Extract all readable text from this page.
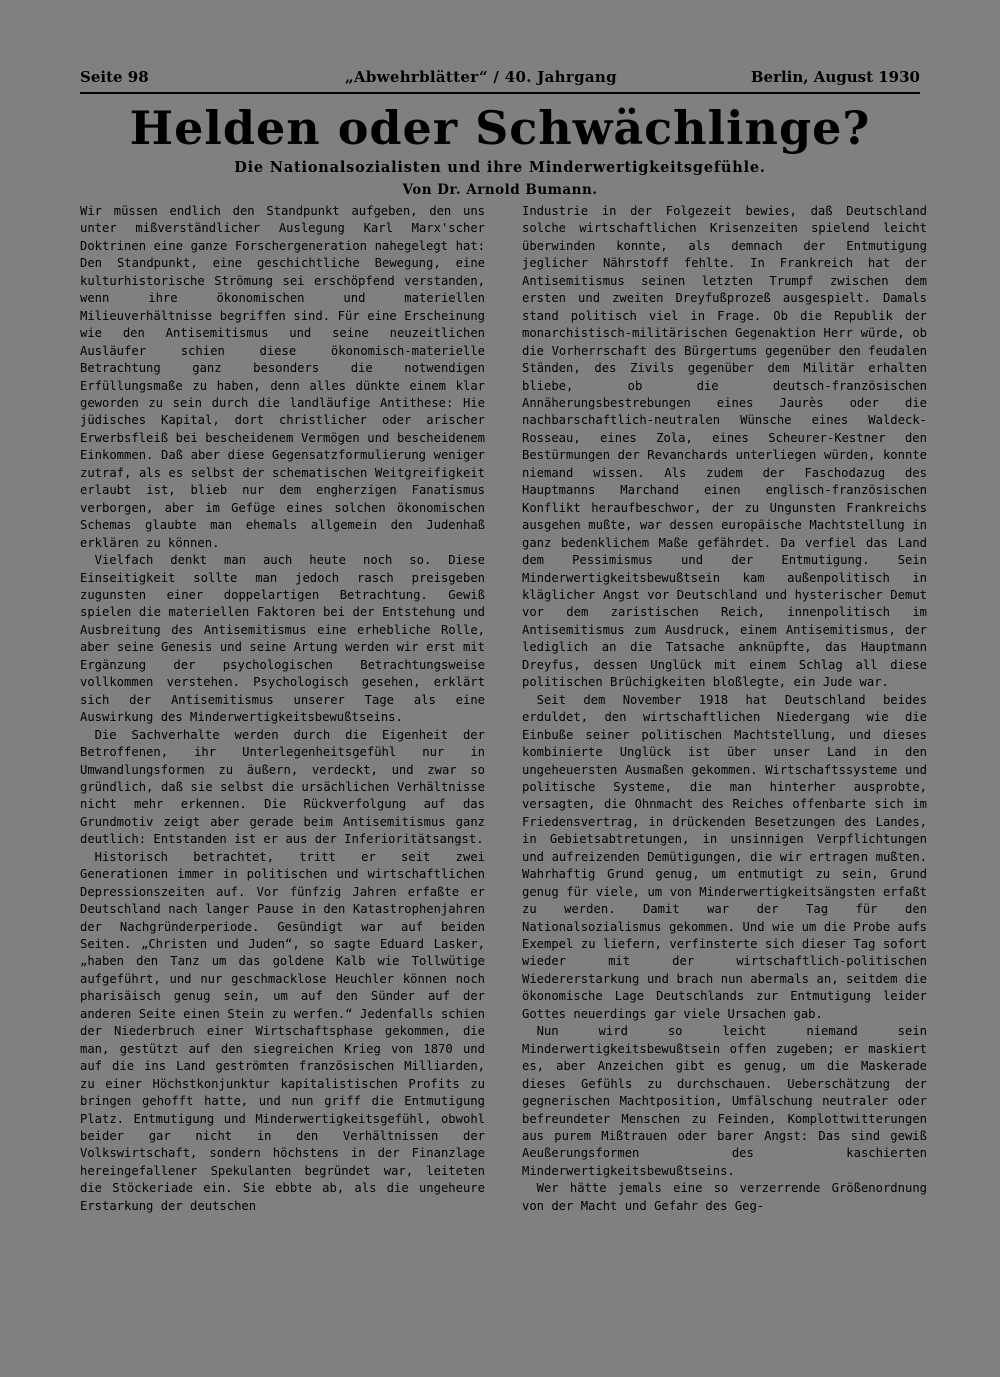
Seite 98	„Abwehrblätter“ / 40. Jahrgang	Berlin, August 1930
Helden oder Schwächlinge?
Die Nationalsozialisten und ihre Minderwertigkeitsgefühle.
Von Dr. Arnold Bumann.

Wir müssen endlich den Standpunkt aufgeben, den uns unter mißverständlicher Auslegung Karl Marx'scher Doktrinen eine ganze Forschergeneration nahegelegt hat: Den Standpunkt, eine geschichtliche Bewegung, eine kulturhistorische Strömung sei erschöpfend verstanden, wenn ihre ökonomischen und materiellen Milieuverhältnisse begriffen sind. Für eine Erscheinung wie den Antisemitismus und seine neuzeitlichen Ausläufer schien diese ökonomisch-materielle Betrachtung ganz besonders die notwendigen Erfüllungsmaße zu haben, denn alles dünkte einem klar geworden zu sein durch die landläufige Antithese: Hie jüdisches Kapital, dort christlicher oder arischer Erwerbsfleiß bei bescheidenem Vermögen und bescheidenem Einkommen. Daß aber diese Gegensatzformulierung weniger zutraf, als es selbst der schematischen Weitgreifigkeit erlaubt ist, blieb nur dem engherzigen Fanatismus verborgen, aber im Gefüge eines solchen ökonomischen Schemas glaubte man ehemals allgemein den Judenhaß erklären zu können.

Vielfach denkt man auch heute noch so. Diese Einseitigkeit sollte man jedoch rasch preisgeben zugunsten einer doppelartigen Betrachtung. Gewiß spielen die materiellen Faktoren bei der Entstehung und Ausbreitung des Antisemitismus eine erhebliche Rolle, aber seine Genesis und seine Artung werden wir erst mit Ergänzung der psychologischen Betrachtungsweise vollkommen verstehen. Psychologisch gesehen, erklärt sich der Antisemitismus unserer Tage als eine Auswirkung des Minderwertigkeitsbewußtseins.

Die Sachverhalte werden durch die Eigenheit der Betroffenen, ihr Unterlegenheitsgefühl nur in Umwandlungsformen zu äußern, verdeckt, und zwar so gründlich, daß sie selbst die ursächlichen Verhältnisse nicht mehr erkennen. Die Rückverfolgung auf das Grundmotiv zeigt aber gerade beim Antisemitismus ganz deutlich: Entstanden ist er aus der Inferioritätsangst.

Historisch betrachtet, tritt er seit zwei Generationen immer in politischen und wirtschaftlichen Depressionszeiten auf. Vor fünfzig Jahren erfaßte er Deutschland nach langer Pause in den Katastrophenjahren der Nachgründerperiode. Gesündigt war auf beiden Seiten. „Christen und Juden“, so sagte Eduard Lasker, „haben den Tanz um das goldene Kalb wie Tollwütige aufgeführt, und nur geschmacklose Heuchler können noch pharisäisch genug sein, um auf den Sünder auf der anderen Seite einen Stein zu werfen.“ Jedenfalls schien der Niederbruch einer Wirtschaftsphase gekommen, die man, gestützt auf den siegreichen Krieg von 1870 und auf die ins Land geströmten französischen Milliarden, zu einer Höchstkonjunktur kapitalistischen Profits zu bringen gehofft hatte, und nun griff die Entmutigung Platz. Entmutigung und Minderwertigkeitsgefühl, obwohl beider gar nicht in den Verhältnissen der Volkswirtschaft, sondern höchstens in der Finanzlage hereingefallener Spekulanten begründet war, leiteten die Stöckeriade ein. Sie ebbte ab, als die ungeheure Erstarkung der deutschen

Industrie in der Folgezeit bewies, daß Deutschland solche wirtschaftlichen Krisenzeiten spielend leicht überwinden konnte, als demnach der Entmutigung jeglicher Nährstoff fehlte. In Frankreich hat der Antisemitismus seinen letzten Trumpf zwischen dem ersten und zweiten Dreyfußprozeß ausgespielt. Damals stand politisch viel in Frage. Ob die Republik der monarchistisch-militärischen Gegenaktion Herr würde, ob die Vorherrschaft des Bürgertums gegenüber den feudalen Ständen, des Zivils gegenüber dem Militär erhalten bliebe, ob die deutsch-französischen Annäherungsbestrebungen eines Jaurès oder die nachbarschaftlich-neutralen Wünsche eines Waldeck-Rosseau, eines Zola, eines Scheurer-Kestner den Bestürmungen der Revanchards unterliegen würden, konnte niemand wissen. Als zudem der Faschodazug des Hauptmanns Marchand einen englisch-französischen Konflikt heraufbeschwor, der zu Ungunsten Frankreichs ausgehen mußte, war dessen europäische Machtstellung in ganz bedenklichem Maße gefährdet. Da verfiel das Land dem Pessimismus und der Entmutigung. Sein Minderwertigkeitsbewußtsein kam außenpolitisch in kläglicher Angst vor Deutschland und hysterischer Demut vor dem zaristischen Reich, innenpolitisch im Antisemitismus zum Ausdruck, einem Antisemitismus, der lediglich an die Tatsache anknüpfte, das Hauptmann Dreyfus, dessen Unglück mit einem Schlag all diese politischen Brüchigkeiten bloßlegte, ein Jude war.

Seit dem November 1918 hat Deutschland beides erduldet, den wirtschaftlichen Niedergang wie die Einbuße seiner politischen Machtstellung, und dieses kombinierte Unglück ist über unser Land in den ungeheuersten Ausmaßen gekommen. Wirtschaftssysteme und politische Systeme, die man hinterher ausprobte, versagten, die Ohnmacht des Reiches offenbarte sich im Friedensvertrag, in drückenden Besetzungen des Landes, in Gebietsabtretungen, in unsinnigen Verpflichtungen und aufreizenden Demütigungen, die wir ertragen mußten. Wahrhaftig Grund genug, um entmutigt zu sein, Grund genug für viele, um von Minderwertigkeitsängsten erfaßt zu werden. Damit war der Tag für den Nationalsozialismus gekommen. Und wie um die Probe aufs Exempel zu liefern, verfinsterte sich dieser Tag sofort wieder mit der wirtschaftlich-politischen Wiedererstarkung und brach nun abermals an, seitdem die ökonomische Lage Deutschlands zur Entmutigung leider Gottes neuerdings gar viele Ursachen gab.

Nun wird so leicht niemand sein Minderwertigkeitsbewußtsein offen zugeben; er maskiert es, aber Anzeichen gibt es genug, um die Maskerade dieses Gefühls zu durchschauen. Ueberschätzung der gegnerischen Machtposition, Umfälschung neutraler oder befreundeter Menschen zu Feinden, Komplottwitterungen aus purem Mißtrauen oder barer Angst: Das sind gewiß Aeußerungsformen des kaschierten Minderwertigkeitsbewußtseins.

Wer hätte jemals eine so verzerrende Größenordnung von der Macht und Gefahr des Geg-
